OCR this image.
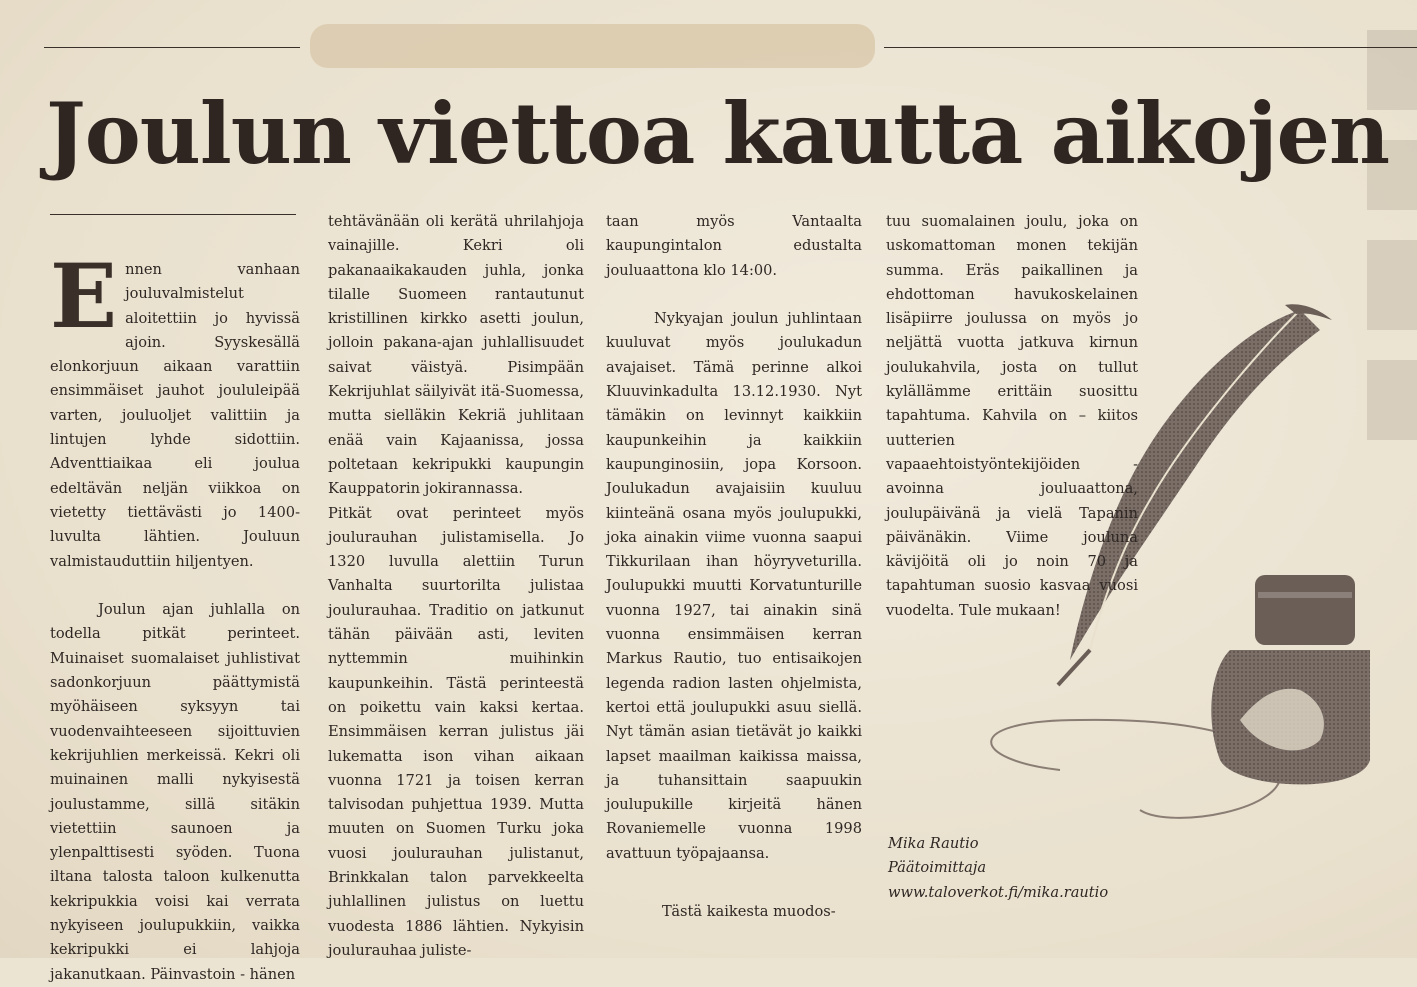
Joulun viettoa kautta aikojen

Ennen vanhaan jouluvalmistelut aloitettiin jo hyvissä ajoin. Syyskesällä elonkorjuun aikaan varattiin ensimmäiset jauhot joululeipää varten, jouluoljet valittiin ja lintujen lyhde sidottiin. Adventtiaikaa eli joulua edeltävän neljän viikkoa on vietetty tiettävästi jo 1400-luvulta lähtien. Jouluun valmistauduttiin hiljentyen.

Joulun ajan juhlalla on todella pitkät perinteet. Muinaiset suomalaiset juhlistivat sadonkorjuun päättymistä myöhäiseen syksyyn tai vuodenvaihteeseen sijoittuvien kekrijuhlien merkeissä. Kekri oli muinainen malli nykyisestä joulustamme, sillä sitäkin vietettiin saunoen ja ylenpalttisesti syöden. Tuona iltana talosta taloon kulkenutta kekripukkia voisi kai verrata nykyiseen joulupukkiin, vaikka kekripukki ei lahjoja jakanutkaan. Päinvastoin - hänen

tehtävänään oli kerätä uhrilahjoja vainajille. Kekri oli pakanaaikakauden juhla, jonka tilalle Suomeen rantautunut kristillinen kirkko asetti joulun, jolloin pakana-ajan juhlallisuudet saivat väistyä. Pisimpään Kekrijuhlat säilyivät itä-Suomessa, mutta sielläkin Kekriä juhlitaan enää vain Kajaanissa, jossa poltetaan kekripukki kaupungin Kauppatorin jokirannassa.

Pitkät ovat perinteet myös joulurauhan julistamisella. Jo 1320 luvulla alettiin Turun Vanhalta suurtorilta julistaa joulurauhaa. Traditio on jatkunut tähän päivään asti, leviten nyttemmin muihinkin kaupunkeihin. Tästä perinteestä on poikettu vain kaksi kertaa. Ensimmäisen kerran julistus jäi lukematta ison vihan aikaan vuonna 1721 ja toisen kerran talvisodan puhjettua 1939. Mutta muuten on Suomen Turku joka vuosi joulurauhan julistanut, Brinkkalan talon parvekkeelta juhlallinen julistus on luettu vuodesta 1886 lähtien. Nykyisin joulurauhaa juliste-

taan myös Vantaalta kaupungintalon edustalta jouluaattona klo 14:00.

Nykyajan joulun juhlintaan kuuluvat myös joulukadun avajaiset. Tämä perinne alkoi Kluuvinkadulta 13.12.1930. Nyt tämäkin on levinnyt kaikkiin kaupunkeihin ja kaikkiin kaupunginosiin, jopa Korsoon. Joulukadun avajaisiin kuuluu kiinteänä osana myös joulupukki, joka ainakin viime vuonna saapui Tikkurilaan ihan höyryveturilla. Joulupukki muutti Korvatunturille vuonna 1927, tai ainakin sinä vuonna ensimmäisen kerran Markus Rautio, tuo entisaikojen legenda radion lasten ohjelmista, kertoi että joulupukki asuu siellä. Nyt tämän asian tietävät jo kaikki lapset maailman kaikissa maissa, ja tuhansittain saapuukin joulupukille kirjeitä hänen Rovaniemelle vuonna 1998 avattuun työpajaansa.

Tästä kaikesta muodos-

tuu suomalainen joulu, joka on uskomattoman monen tekijän summa. Eräs paikallinen ja ehdottoman havukoskelainen lisäpiirre joulussa on myös jo neljättä vuotta jatkuva kirnun joulukahvila, josta on tullut kylällämme erittäin suosittu tapahtuma. Kahvila on – kiitos uutterien vapaaehtoistyöntekijöiden - avoinna jouluaattona, joulupäivänä ja vielä Tapanin päivänäkin. Viime jouluna kävijöitä oli jo noin 70 ja tapahtuman suosio kasvaa vuosi vuodelta. Tule mukaan!

Mika Rautio
Päätoimittaja
www.taloverkot.fi/mika.rautio
